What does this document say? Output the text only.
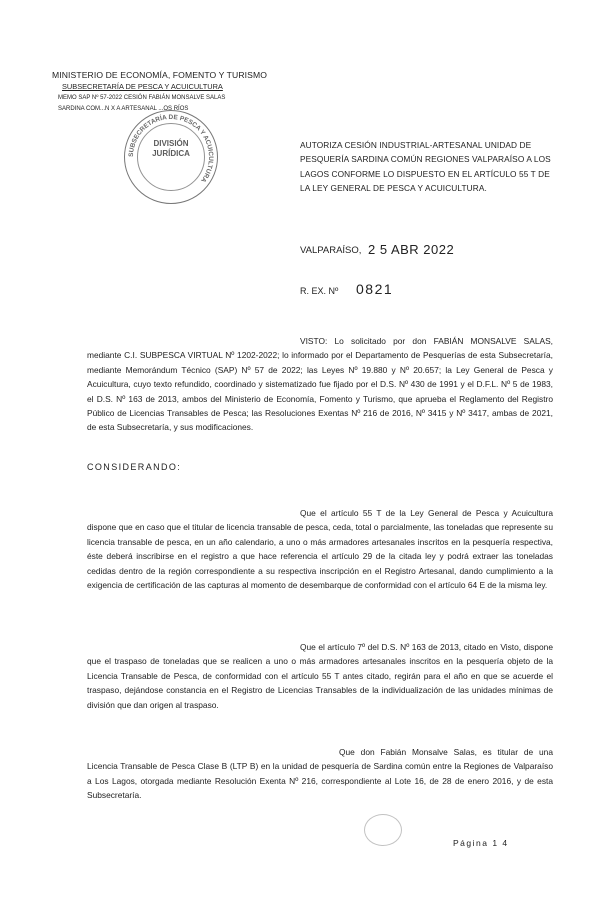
MINISTERIO DE ECONOMÍA, FOMENTO Y TURISMO
SUBSECRETARÍA DE PESCA Y ACUICULTURA
MEMO SAP Nº 57-2022 CESIÓN FABIÁN MONSALVE SALAS
SARDINA COM...N X A ARTESANAL ...OS RÍOS
SUBSECRETARÍA DE PESCA Y ACUICULTURA
DIVISIÓN
JURÍDICA
AUTORIZA CESIÓN INDUSTRIAL-ARTESANAL UNIDAD DE PESQUERÍA SARDINA COMÚN REGIONES VALPARAÍSO A LOS LAGOS CONFORME LO DISPUESTO EN EL ARTÍCULO 55 T DE LA LEY GENERAL DE PESCA Y ACUICULTURA.
VALPARAÍSO, 2 5 ABR 2022
R. EX. Nº 0821

VISTO: Lo solicitado por don FABIÁN MONSALVE SALAS, mediante C.I. SUBPESCA VIRTUAL Nº 1202-2022; lo informado por el Departamento de Pesquerías de esta Subsecretaría, mediante Memorándum Técnico (SAP) Nº 57 de 2022; las Leyes Nº 19.880 y Nº 20.657; la Ley General de Pesca y Acuicultura, cuyo texto refundido, coordinado y sistematizado fue fijado por el D.S. Nº 430 de 1991 y el D.F.L. Nº 5 de 1983, el D.S. Nº 163 de 2013, ambos del Ministerio de Economía, Fomento y Turismo, que aprueba el Reglamento del Registro Público de Licencias Transables de Pesca; las Resoluciones Exentas Nº 216 de 2016, Nº 3415 y Nº 3417, ambas de 2021, de esta Subsecretaría, y sus modificaciones.

CONSIDERANDO:

Que el artículo 55 T de la Ley General de Pesca y Acuicultura dispone que en caso que el titular de licencia transable de pesca, ceda, total o parcialmente, las toneladas que represente su licencia transable de pesca, en un año calendario, a uno o más armadores artesanales inscritos en la pesquería respectiva, éste deberá inscribirse en el registro a que hace referencia el artículo 29 de la citada ley y podrá extraer las toneladas cedidas dentro de la región correspondiente a su respectiva inscripción en el Registro Artesanal, dando cumplimiento a la exigencia de certificación de las capturas al momento de desembarque de conformidad con el artículo 64 E de la misma ley.

Que el artículo 7º del D.S. Nº 163 de 2013, citado en Visto, dispone que el traspaso de toneladas que se realicen a uno o más armadores artesanales inscritos en la pesquería objeto de la Licencia Transable de Pesca, de conformidad con el artículo 55 T antes citado, regirán para el año en que se acuerde el traspaso, dejándose constancia en el Registro de Licencias Transables de la individualización de las unidades mínimas de división que dan origen al traspaso.

Que don Fabián Monsalve Salas, es titular de una Licencia Transable de Pesca Clase B (LTP B) en la unidad de pesquería de Sardina común entre la Regiones de Valparaíso a Los Lagos, otorgada mediante Resolución Exenta Nº 216, correspondiente al Lote 16, de 28 de enero 2016, y de esta Subsecretaría.

Página 1 4
